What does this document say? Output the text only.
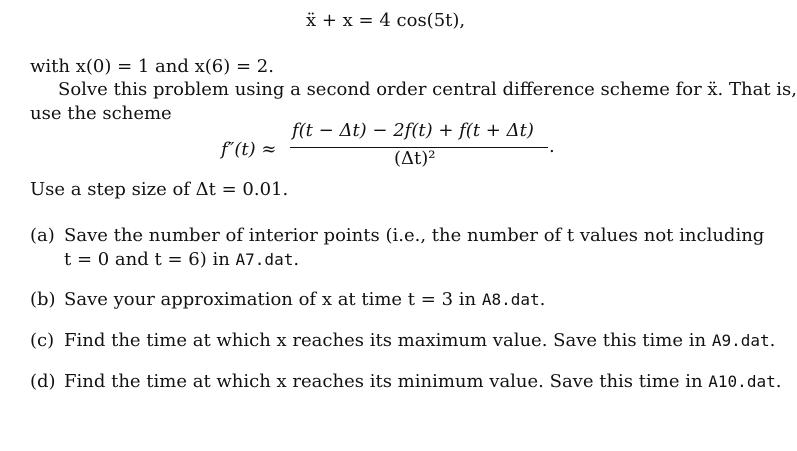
ẍ + x = 4 cos(5t),
with x(0) = 1 and x(6) = 2.
Solve this problem using a second order central difference scheme for ẍ. That is,
use the scheme
f″(t) ≈
f(t − Δt) − 2f(t) + f(t + Δt)
(Δt)²
.
Use a step size of Δt = 0.01.
(a) Save the number of interior points (i.e., the number of t values not including
t = 0 and t = 6) in A7.dat.
(b) Save your approximation of x at time t = 3 in A8.dat.
(c) Find the time at which x reaches its maximum value. Save this time in A9.dat.
(d) Find the time at which x reaches its minimum value. Save this time in A10.dat.
